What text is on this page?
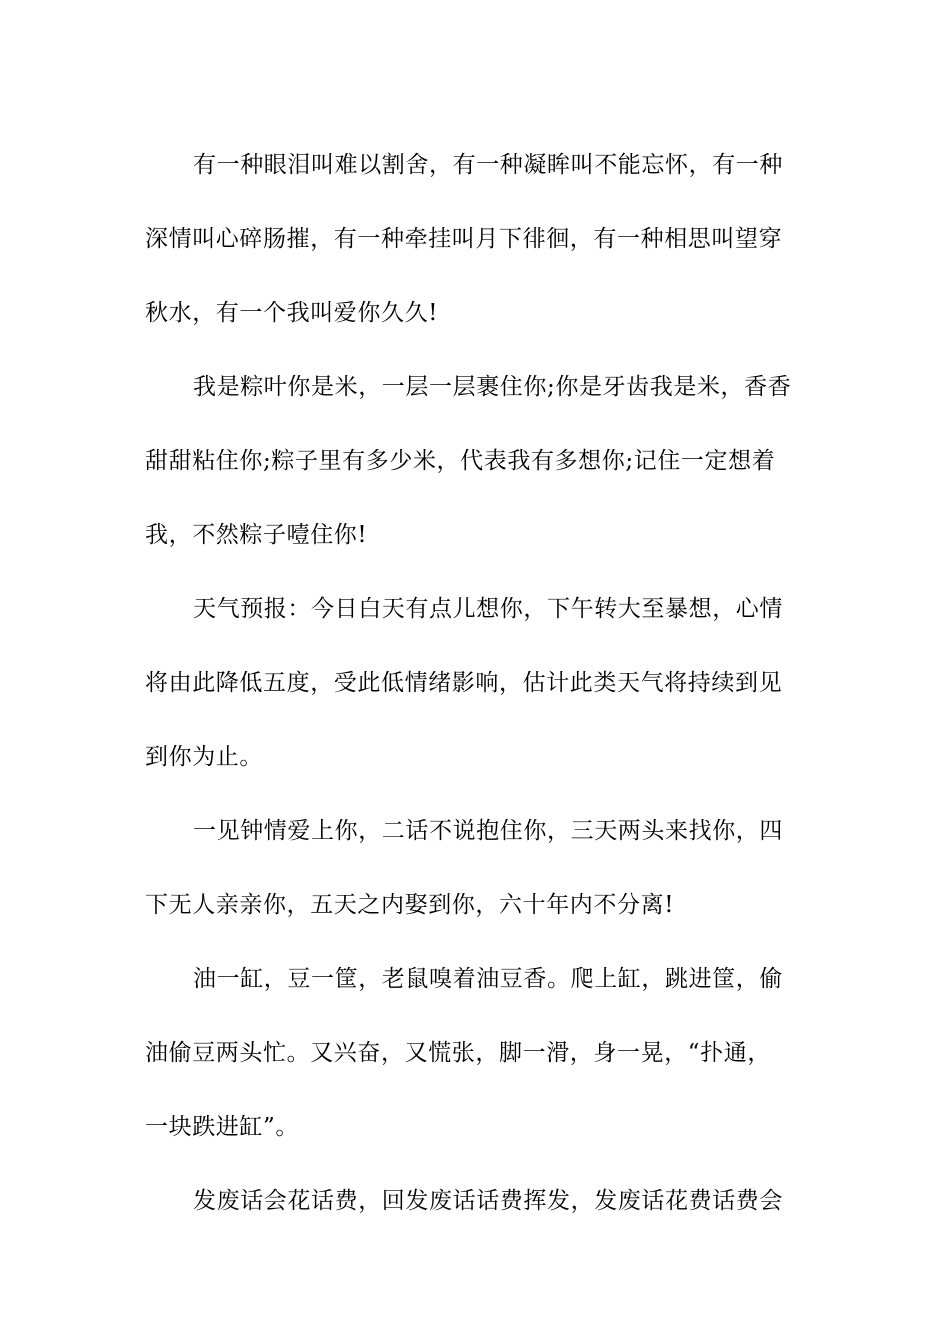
有一种眼泪叫难以割舍，有一种凝眸叫不能忘怀，有一种
深情叫心碎肠摧，有一种牵挂叫月下徘徊，有一种相思叫望穿
秋水，有一个我叫爱你久久!
我是粽叶你是米，一层一层裹住你;你是牙齿我是米，香香
甜甜粘住你;粽子里有多少米，代表我有多想你;记住一定想着
我，不然粽子噎住你!
天气预报：今日白天有点儿想你，下午转大至暴想，心情
将由此降低五度，受此低情绪影响，估计此类天气将持续到见
到你为止。
一见钟情爱上你，二话不说抱住你，三天两头来找你，四
下无人亲亲你，五天之内娶到你，六十年内不分离!
油一缸，豆一筐，老鼠嗅着油豆香。爬上缸，跳进筐，偷
油偷豆两头忙。又兴奋，又慌张，脚一滑，身一晃，“扑通，
一块跌进缸”。
发废话会花话费，回发废话话费挥发，发废话花费话费会
